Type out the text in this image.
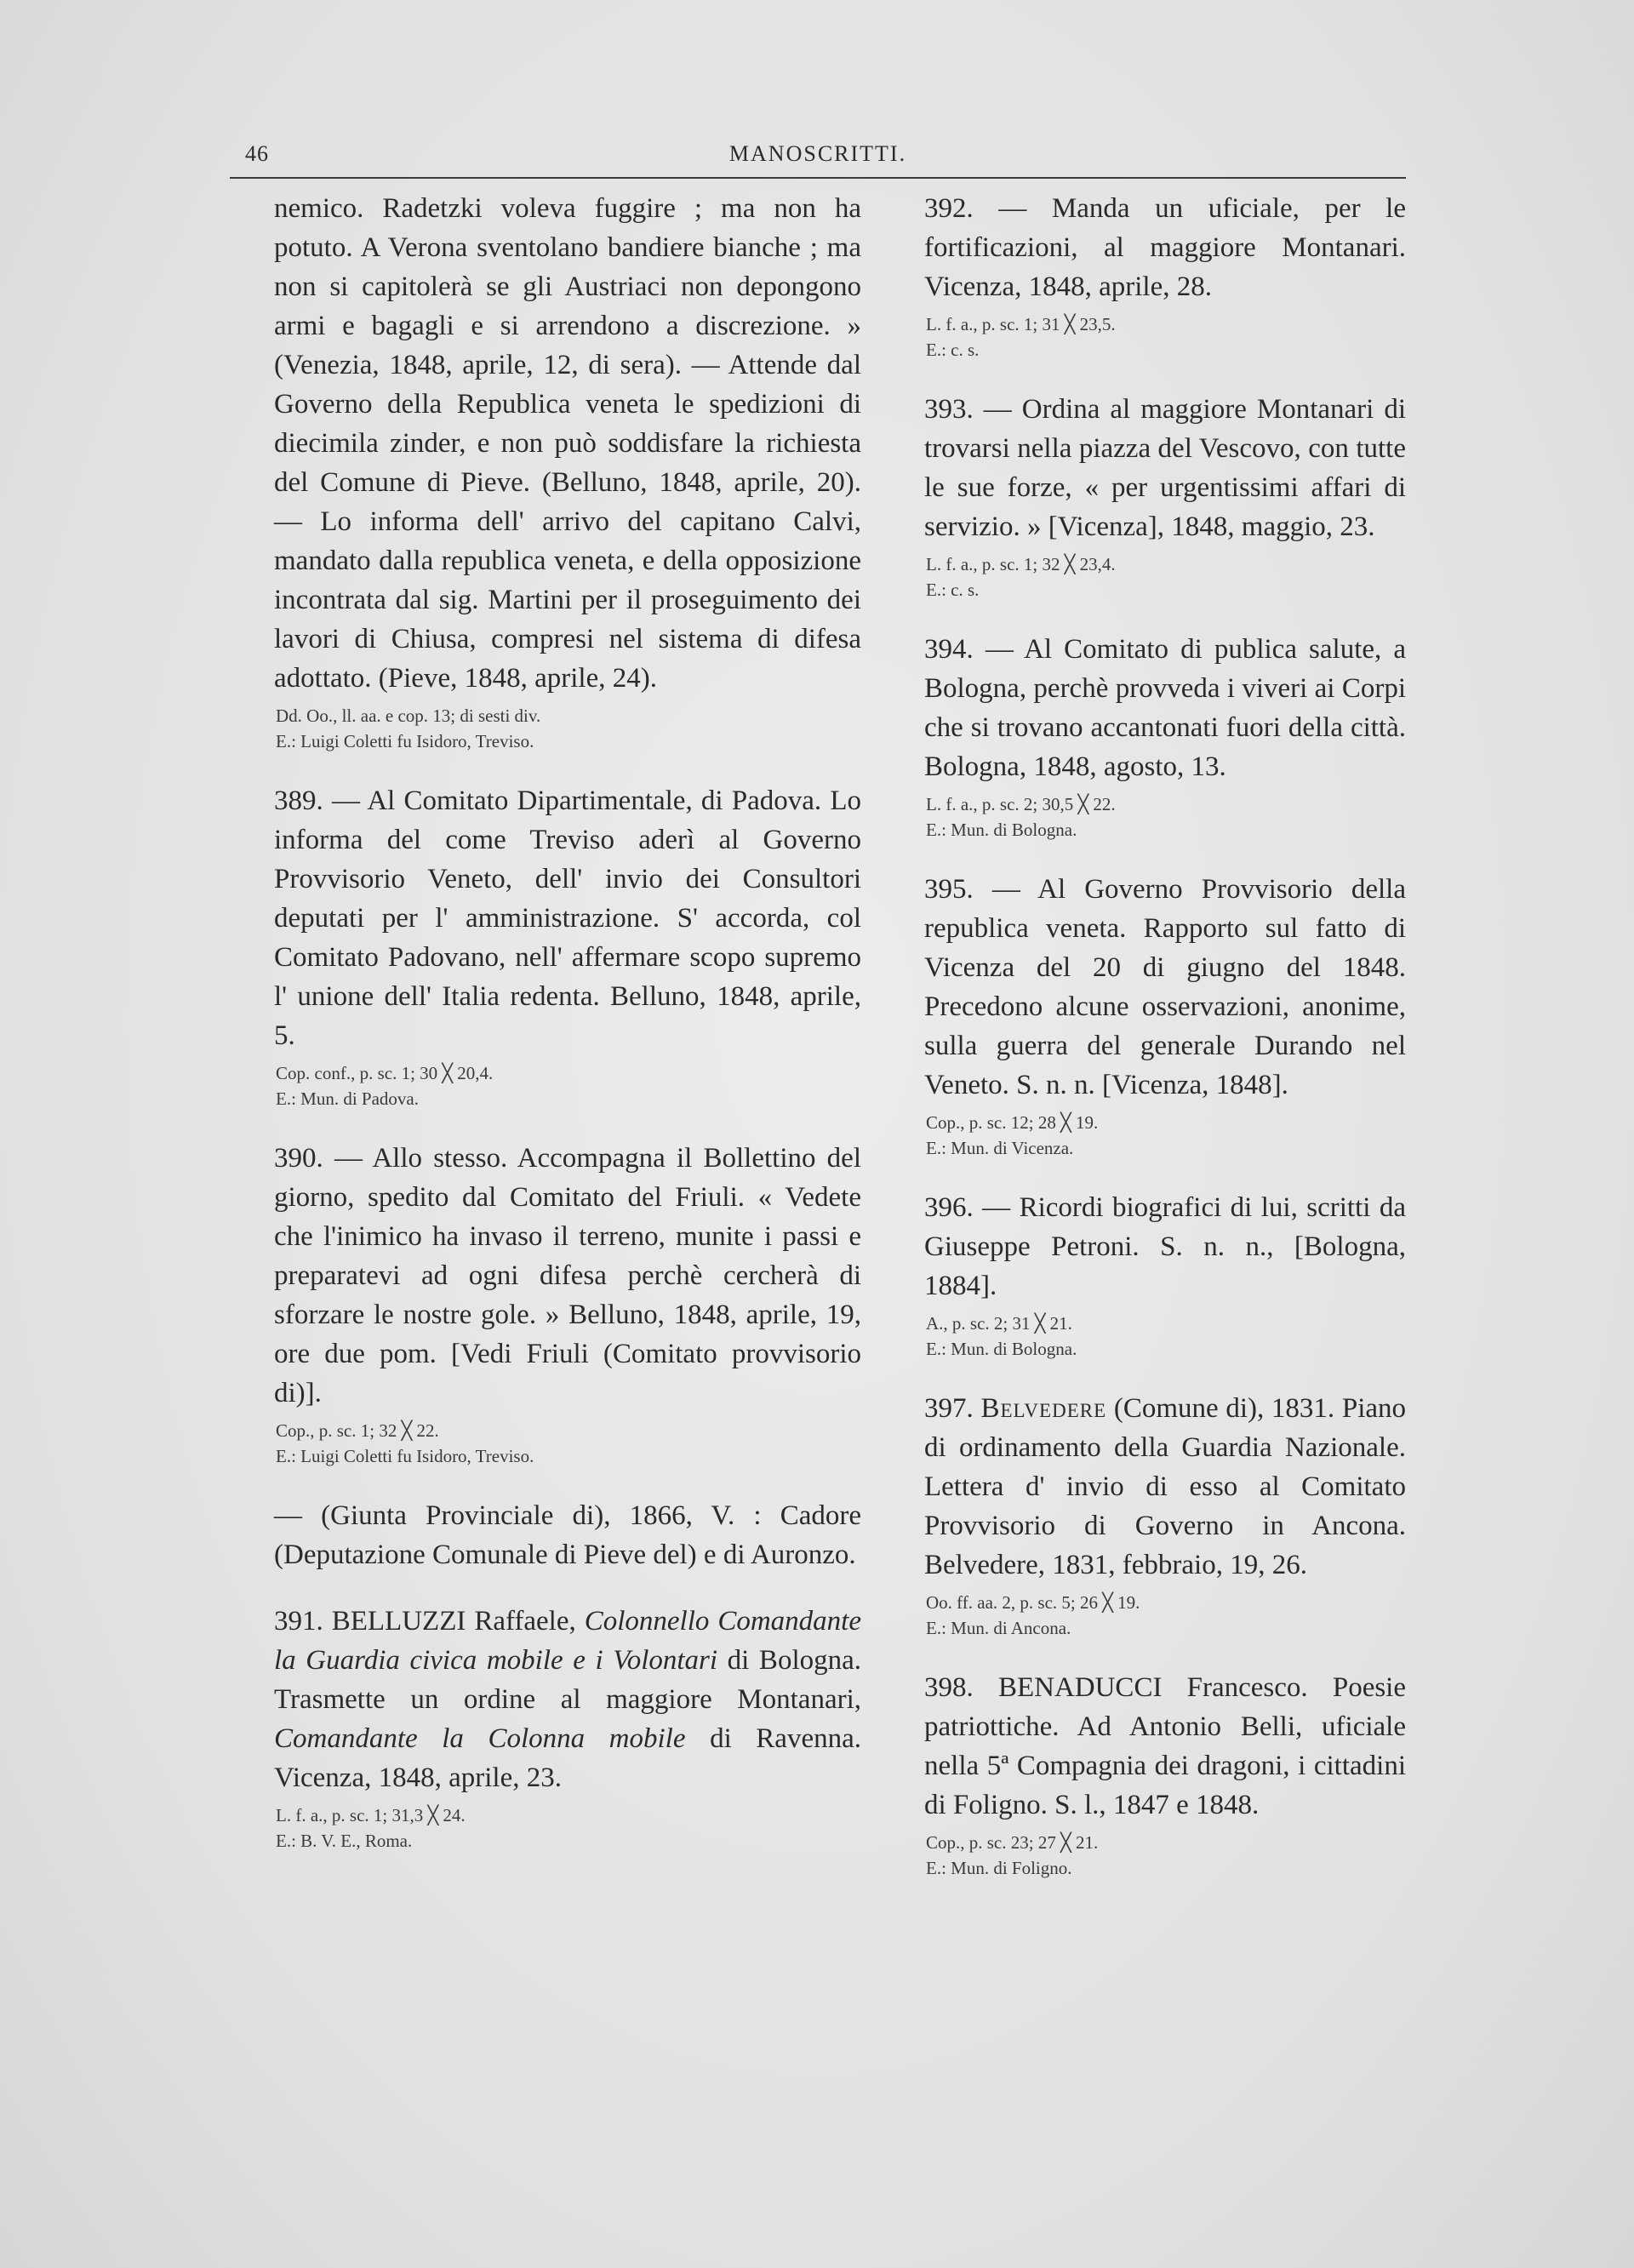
46	MANOSCRITTI.

nemico. Radetzki voleva fuggire ; ma non ha potuto. A Verona sventolano bandiere bianche ; ma non si capitolerà se gli Austriaci non depongono armi e bagagli e si arrendono a discrezione. » (Venezia, 1848, aprile, 12, di sera). — Attende dal Governo della Republica veneta le spedizioni di diecimila zinder, e non può soddisfare la richiesta del Comune di Pieve. (Belluno, 1848, aprile, 20). — Lo informa dell' arrivo del capitano Calvi, mandato dalla republica veneta, e della opposizione incontrata dal sig. Martini per il proseguimento dei lavori di Chiusa, compresi nel sistema di difesa adottato. (Pieve, 1848, aprile, 24).

Dd. Oo., ll. aa. e cop. 13; di sesti div.
E.: Luigi Coletti fu Isidoro, Treviso.

389. — Al Comitato Dipartimentale, di Padova. Lo informa del come Treviso aderì al Governo Provvisorio Veneto, dell' invio dei Consultori deputati per l' amministrazione. S' accorda, col Comitato Padovano, nell' affermare scopo supremo l' unione dell' Italia redenta. Belluno, 1848, aprile, 5.

Cop. conf., p. sc. 1; 30 ╳ 20,4.
E.: Mun. di Padova.

390. — Allo stesso. Accompagna il Bollettino del giorno, spedito dal Comitato del Friuli. « Vedete che l'inimico ha invaso il terreno, munite i passi e preparatevi ad ogni difesa perchè cercherà di sforzare le nostre gole. » Belluno, 1848, aprile, 19, ore due pom. [Vedi Friuli (Comitato provvisorio di)].

Cop., p. sc. 1; 32 ╳ 22.
E.: Luigi Coletti fu Isidoro, Treviso.

— (Giunta Provinciale di), 1866, V. : Cadore (Deputazione Comunale di Pieve del) e di Auronzo.

391. BELLUZZI Raffaele, Colonnello Comandante la Guardia civica mobile e i Volontari di Bologna. Trasmette un ordine al maggiore Montanari, Comandante la Colonna mobile di Ravenna. Vicenza, 1848, aprile, 23.

L. f. a., p. sc. 1; 31,3 ╳ 24.
E.: B. V. E., Roma.

392. — Manda un uficiale, per le fortificazioni, al maggiore Montanari. Vicenza, 1848, aprile, 28.

L. f. a., p. sc. 1; 31 ╳ 23,5.
E.: c. s.

393. — Ordina al maggiore Montanari di trovarsi nella piazza del Vescovo, con tutte le sue forze, « per urgentissimi affari di servizio. » [Vicenza], 1848, maggio, 23.

L. f. a., p. sc. 1; 32 ╳ 23,4.
E.: c. s.

394. — Al Comitato di publica salute, a Bologna, perchè provveda i viveri ai Corpi che si trovano accantonati fuori della città. Bologna, 1848, agosto, 13.

L. f. a., p. sc. 2; 30,5 ╳ 22.
E.: Mun. di Bologna.

395. — Al Governo Provvisorio della republica veneta. Rapporto sul fatto di Vicenza del 20 di giugno del 1848. Precedono alcune osservazioni, anonime, sulla guerra del generale Durando nel Veneto. S. n. n. [Vicenza, 1848].

Cop., p. sc. 12; 28 ╳ 19.
E.: Mun. di Vicenza.

396. — Ricordi biografici di lui, scritti da Giuseppe Petroni. S. n. n., [Bologna, 1884].

A., p. sc. 2; 31 ╳ 21.
E.: Mun. di Bologna.

397. Belvedere (Comune di), 1831. Piano di ordinamento della Guardia Nazionale. Lettera d' invio di esso al Comitato Provvisorio di Governo in Ancona. Belvedere, 1831, febbraio, 19, 26.

Oo. ff. aa. 2, p. sc. 5; 26 ╳ 19.
E.: Mun. di Ancona.

398. BENADUCCI Francesco. Poesie patriottiche. Ad Antonio Belli, uficiale nella 5ª Compagnia dei dragoni, i cittadini di Foligno. S. l., 1847 e 1848.

Cop., p. sc. 23; 27 ╳ 21.
E.: Mun. di Foligno.
